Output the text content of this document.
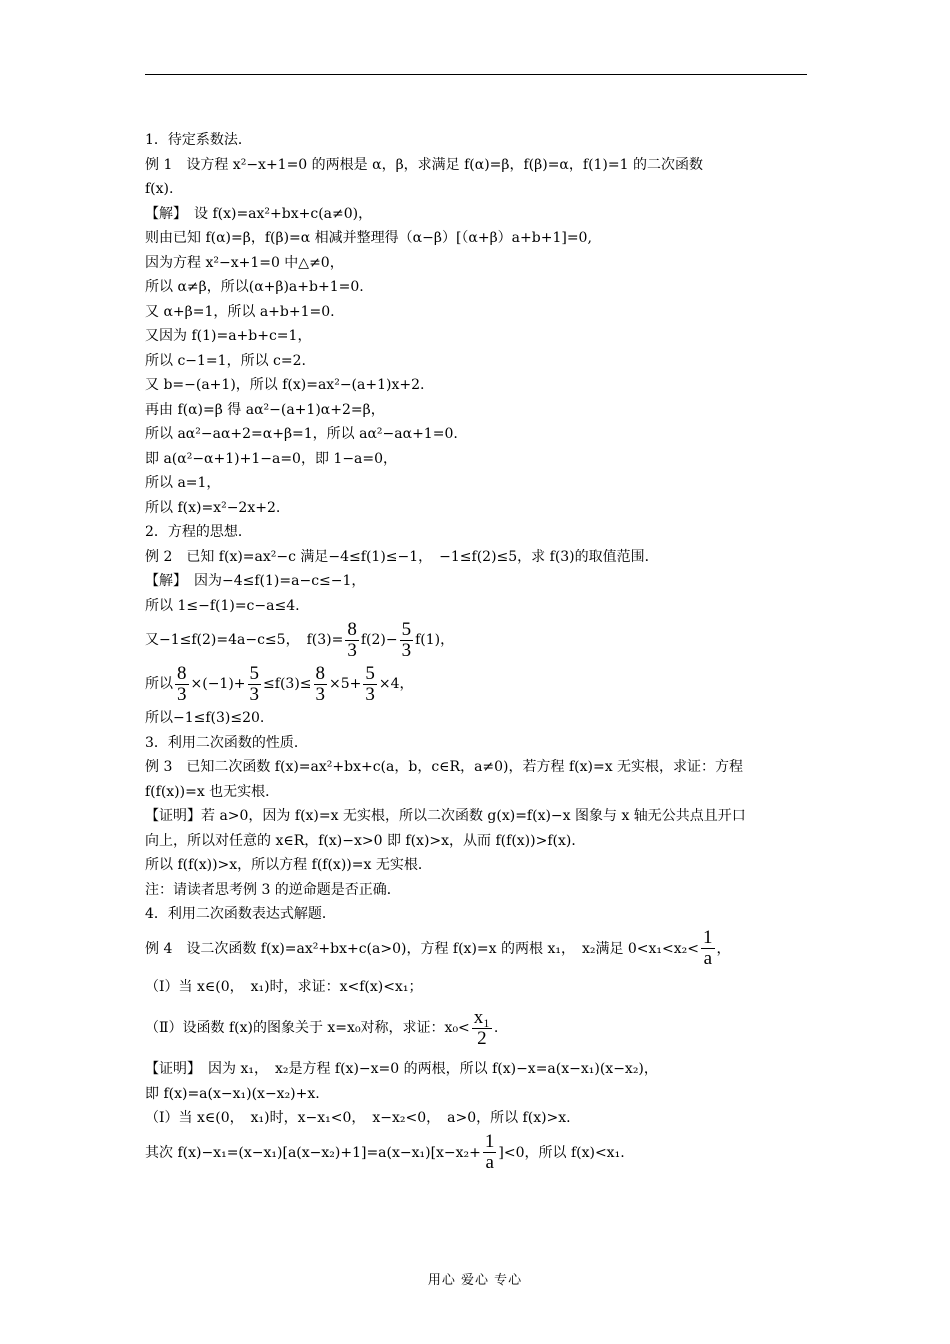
1．待定系数法．
例 1　设方程 x²−x+1=0 的两根是 α，β，求满足 f(α)=β，f(β)=α，f(1)=1 的二次函数
f(x).
【解】　设 f(x)=ax²+bx+c(a≠0)，
则由已知 f(α)=β，f(β)=α 相减并整理得（α−β）[（α+β）a+b+1]=0,
因为方程 x²−x+1=0 中△≠0，
所以 α≠β，所以(α+β)a+b+1=0.
又 α+β=1，所以 a+b+1=0.
又因为 f(1)=a+b+c=1，
所以 c−1=1，所以 c=2.
又 b=−(a+1)，所以 f(x)=ax²−(a+1)x+2.
再由 f(α)=β 得 aα²−(a+1)α+2=β，
所以 aα²−aα+2=α+β=1，所以 aα²−aα+1=0.
即 a(α²−α+1)+1−a=0，即 1−a=0，
所以 a=1，
所以 f(x)=x²−2x+2.
2．方程的思想．
例 2　已知 f(x)=ax²−c 满足−4≤f(1)≤−1，　−1≤f(2)≤5，求 f(3)的取值范围．
【解】　因为−4≤f(1)=a−c≤−1，
所以 1≤−f(1)=c−a≤4.
又−1≤f(2)=4a−c≤5，　$f(3)= \frac{8}{3} f(2)- \frac{5}{3} f(1)$，
所以 $\frac{8}{3} \times(-1)+ \frac{5}{3} \le f(3)\le \frac{8}{3} \times 5+ \frac{5}{3} \times 4$，
所以−1≤f(3)≤20.
3．利用二次函数的性质．
例 3　已知二次函数 f(x)=ax²+bx+c(a，b，c∈R，a≠0)，若方程 f(x)=x 无实根，求证：方程
f(f(x))=x 也无实根．
【证明】若 a>0，因为 f(x)=x 无实根，所以二次函数 g(x)=f(x)−x 图象与 x 轴无公共点且开口
向上，所以对任意的 x∈R，f(x)−x>0 即 f(x)>x，从而 f(f(x))>f(x)．
所以 f(f(x))>x，所以方程 f(f(x))=x 无实根．
注：请读者思考例 3 的逆命题是否正确．
4．利用二次函数表达式解题．
例 4　设二次函数 f(x)=ax²+bx+c(a>0)，方程 f(x)=x 的两根 x₁，　x₂满足 $0<x_1<x_2< \frac{1}{a}$ ，
（Ⅰ）当 x∈(0，　x₁)时，求证：x<f(x)<x₁；
（Ⅱ）设函数 f(x)的图象关于 x=x₀对称，求证：$x_0< \frac{\text{x₁}}{2}$ .
【证明】　因为 x₁，　x₂是方程 f(x)−x=0 的两根，所以 f(x)−x=a(x−x₁)(x−x₂)，
即 f(x)=a(x−x₁)(x−x₂)+x.
（Ⅰ）当 x∈(0，　x₁)时，x−x₁<0，　x−x₂<0，　a>0，所以 f(x)>x.
其次 $f(x)-x_1=(x-x_1)[a(x-x_2)+1]=a(x-x_1)[x-x_2+ \frac{1}{a} ]<0$，所以 f(x)<x₁.
用心 爱心 专心
